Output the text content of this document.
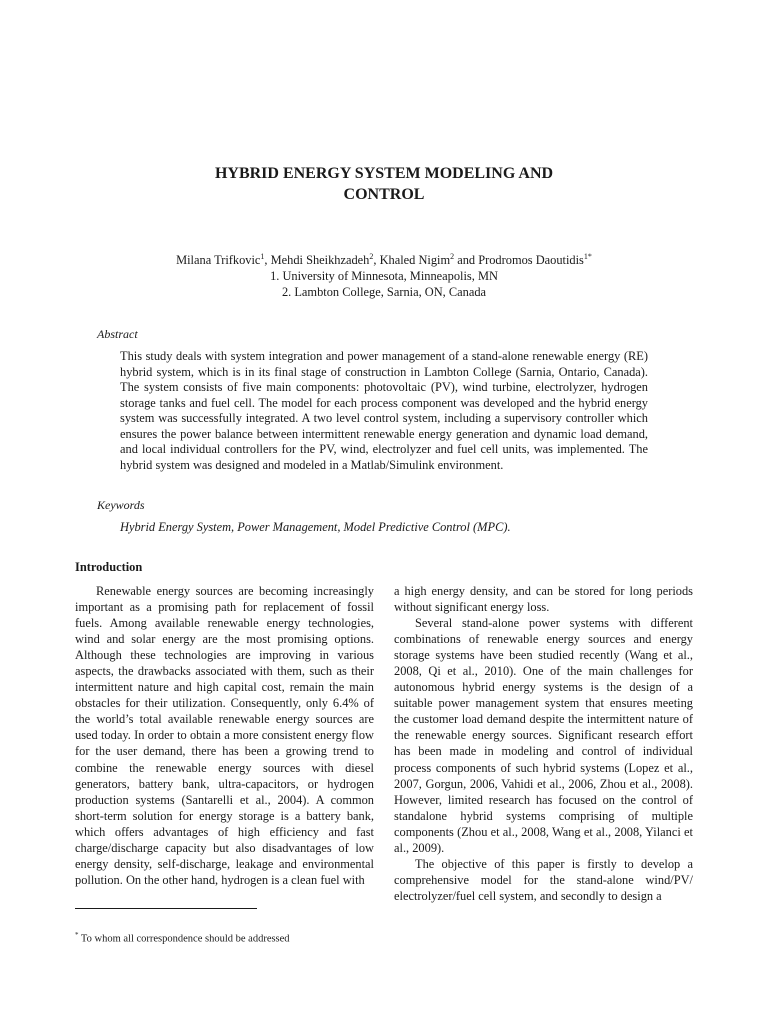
HYBRID ENERGY SYSTEM MODELING AND
CONTROL
Milana Trifkovic$^1$, Mehdi Sheikhzadeh$^2$, Khaled Nigim$^2$ and Prodromos Daoutidis$^{1*}$
1. University of Minnesota, Minneapolis, MN
2. Lambton College, Sarnia, ON, Canada
Abstract
This study deals with system integration and power management of a stand-alone renewable energy (RE) hybrid system, which is in its final stage of construction in Lambton College (Sarnia, Ontario, Canada). The system consists of five main components: photovoltaic (PV), wind turbine, electrolyzer, hydrogen storage tanks and fuel cell. The model for each process component was developed and the hybrid energy system was successfully integrated. A two level control system, including a supervisory controller which ensures the power balance between intermittent renewable energy generation and dynamic load demand, and local individual controllers for the PV, wind, electrolyzer and fuel cell units, was implemented. The hybrid system was designed and modeled in a Matlab/Simulink environment.
Keywords
Hybrid Energy System, Power Management, Model Predictive Control (MPC).
Introduction

Renewable energy sources are becoming increasingly important as a promising path for replacement of fossil fuels. Among available renewable energy technologies, wind and solar energy are the most promising options. Although these technologies are improving in various aspects, the drawbacks associated with them, such as their intermittent nature and high capital cost, remain the main obstacles for their utilization. Consequently, only 6.4% of the world’s total available renewable energy sources are used today. In order to obtain a more consistent energy flow for the user demand, there has been a growing trend to combine the renewable energy sources with diesel generators, battery bank, ultra-capacitors, or hydrogen production systems (Santarelli et al., 2004). A common short-term solution for energy storage is a battery bank, which offers advantages of high efficiency and fast charge/discharge capacity but also disadvantages of low energy density, self-discharge, leakage and environmental pollution. On the other hand, hydrogen is a clean fuel with

a high energy density, and can be stored for long periods without significant energy loss.

Several stand-alone power systems with different combinations of renewable energy sources and energy storage systems have been studied recently (Wang et al., 2008, Qi et al., 2010). One of the main challenges for autonomous hybrid energy systems is the design of a suitable power management system that ensures meeting the customer load demand despite the intermittent nature of the renewable energy sources. Significant research effort has been made in modeling and control of individual process components of such hybrid systems (Lopez et al., 2007, Gorgun, 2006, Vahidi et al., 2006, Zhou et al., 2008). However, limited research has focused on the control of standalone hybrid systems comprising of multiple components (Zhou et al., 2008, Wang et al., 2008, Yilanci et al., 2009).

The objective of this paper is firstly to develop a comprehensive model for the stand-alone wind/PV/ electrolyzer/fuel cell system, and secondly to design a

* To whom all correspondence should be addressed
